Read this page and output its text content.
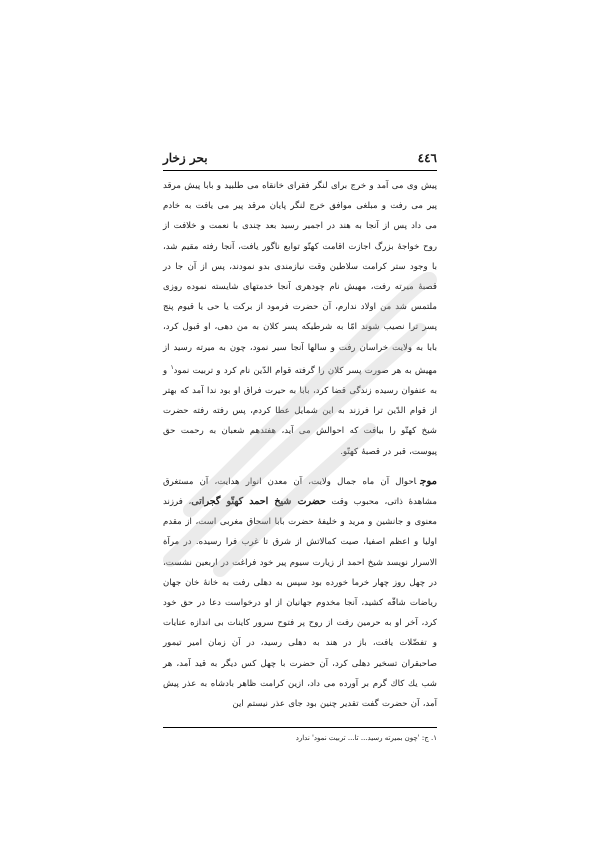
٤٤٦
بحر زخار

پیش وی می آمد و خرج برای لنگر فقرای خانقاه می طلبید و بابا پیش مرقد پیر می رفت و مبلغی موافق خرج لنگر پایان مرقد پیر می یافت به خادم می داد پس از آنجا به هند در اجمیر رسید بعد چندی با نعمت و خلافت از روح خواجهٔ بزرگ اجازت اقامت کهتّو توابع ناگور یافت، آنجا رفته مقیم شد، با وجود ستر کرامت سلاطین وقت نیازمندی بدو نمودند، پس از آن جا در قصبهٔ میرته رفت، مهیش نام چودهری آنجا خدمتهای شایسته نموده روزی ملتمس شد من اولاد ندارم، آن حضرت فرمود از برکت یا حی یا قیوم پنج پسر ترا نصیب شوند امّا به شرطیکه پسر کلان به من دهی، او قبول کرد، بابا به ولایت خراسان رفت و سالها آنجا سیر نمود، چون به میرته رسید از مهیش به هر صورت پسر کلان را گرفته قوام الدّین نام کرد و تربیت نمود$^١$ و به عنفوان رسیده زندگی قضا کرد، بابا به حیرت فراق او بود ندا آمد که بهتر از قوام الدّین ترا فرزند به این شمایل عطا کردم، پس رفته رفته حضرت شیخ کهتّو را بیافت که احوالش می آید، هفتدهم شعبان به رحمت حق پیوست، قبر در قصبهٔ کهتّو.

موجاحوال آن ماه جمال ولایت، آن معدن انوار هدایت، آن مستغرق مشاهدهٔ ذاتی، محبوب وقت حضرت شیخ احمد کهتّو گجراتی، فرزند معنوی و جانشین و مرید و خلیفهٔ حضرت بابا اسحاق مغربی است، از مقدم اولیا و اعظم اصفیا، صیت کمالاتش از شرق تا غرب فرا رسیده. در مرآة الاسرار نویسد شیخ احمد از زیارت سیوم پیر خود فراغت در اربعین نشست، در چهل روز چهار خرما خورده بود سپس به دهلی رفت به خانهٔ خان جهان ریاضات شاقّه کشید، آنجا مخدوم جهانیان از او درخواست دعا در حق خود کرد، آخر او به حرمین رفت از روح پر فتوح سرور کاینات بی اندازه عنایات و تفضّلات یافت، باز در هند به دهلی رسید، در آن زمان امیر تیمور صاحبقران تسخیر دهلی کرد، آن حضرت با چهل کس دیگر به قید آمد، هر شب یك کاك گرم بر آورده می داد، ازین کرامت ظاهر بادشاه به عذر پیش آمد، آن حضرت گفت تقدیر چنین بود جای عذر نیستم این

١. ج: 'چون بمیرته رسید... تا... تربیت نمود' ندارد
